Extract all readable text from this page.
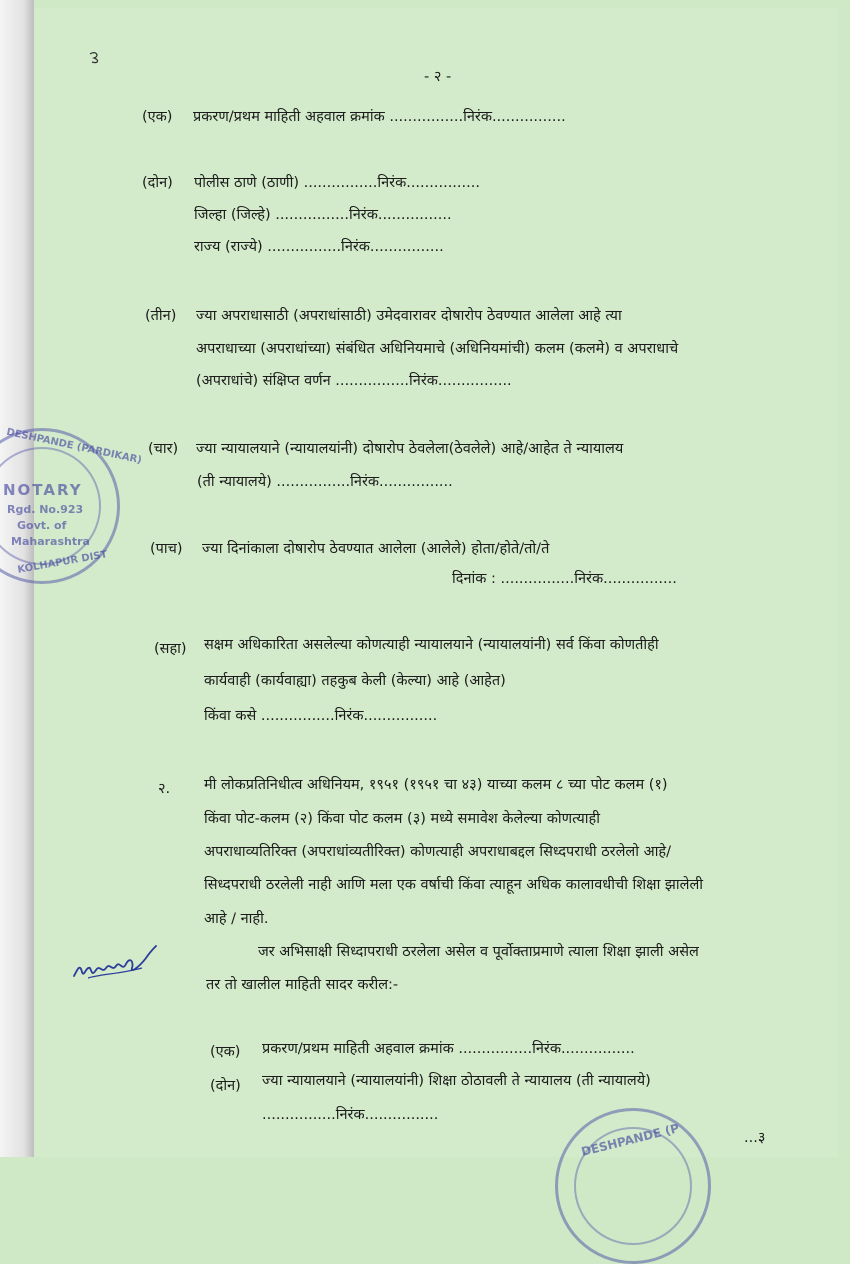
- २ -
(एक) प्रकरण/प्रथम माहिती अहवाल क्रमांक ................निरंक................
(दोन) पोलीस ठाणे (ठाणी) ................निरंक................
जिल्हा (जिल्हे) ................निरंक................
राज्य (राज्ये) ................निरंक................
(तीन) ज्या अपराधासाठी (अपराधांसाठी) उमेदवारावर दोषारोप ठेवण्यात आलेला आहे त्या
अपराधाच्या (अपराधांच्या) संबंधित अधिनियमाचे (अधिनियमांची) कलम (कलमे) व अपराधाचे
(अपराधांचे) संक्षिप्त वर्णन ................निरंक................
(चार) ज्या न्यायालयाने (न्यायालयांनी) दोषारोप ठेवलेला(ठेवलेले) आहे/आहेत ते न्यायालय
(ती न्यायालये) ................निरंक................
(पाच) ज्या दिनांकाला दोषारोप ठेवण्यात आलेला (आलेले) होता/होते/तो/ते
दिनांक : ................निरंक................
(सहा) सक्षम अधिकारिता असलेल्या कोणत्याही न्यायालयाने (न्यायालयांनी) सर्व किंवा कोणतीही
कार्यवाही (कार्यवाह्या) तहकुब केली (केल्या) आहे (आहेत)
किंवा कसे ................निरंक................
२. मी लोकप्रतिनिधीत्व अधिनियम, १९५१ (१९५१ चा ४३) याच्या कलम ८ च्या पोट कलम (१)
किंवा पोट-कलम (२) किंवा पोट कलम (३) मध्ये समावेश केलेल्या कोणत्याही
अपराधाव्यतिरिक्त (अपराधांव्यतीरिक्त) कोणत्याही अपराधाबद्दल सिध्दपराधी ठरलेलो आहे/
सिध्दपराधी ठरलेली नाही आणि मला एक वर्षाची किंवा त्याहून अधिक कालावधीची शिक्षा झालेली
आहे / नाही.
जर अभिसाक्षी सिध्दापराधी ठरलेला असेल व पूर्वोक्ताप्रमाणे त्याला शिक्षा झाली असेल
तर तो खालील माहिती सादर करील:-
(एक) प्रकरण/प्रथम माहिती अहवाल क्रमांक ................निरंक................
(दोन) ज्या न्यायालयाने (न्यायालयांनी) शिक्षा ठोठावली ते न्यायालय (ती न्यायालये)
................निरंक................
...३
DESHPANDE (PARDIKAR)
NOTARY
Rgd. No.923
Govt. of
Maharashtra
KOLHAPUR DIST
DESHPANDE (P
